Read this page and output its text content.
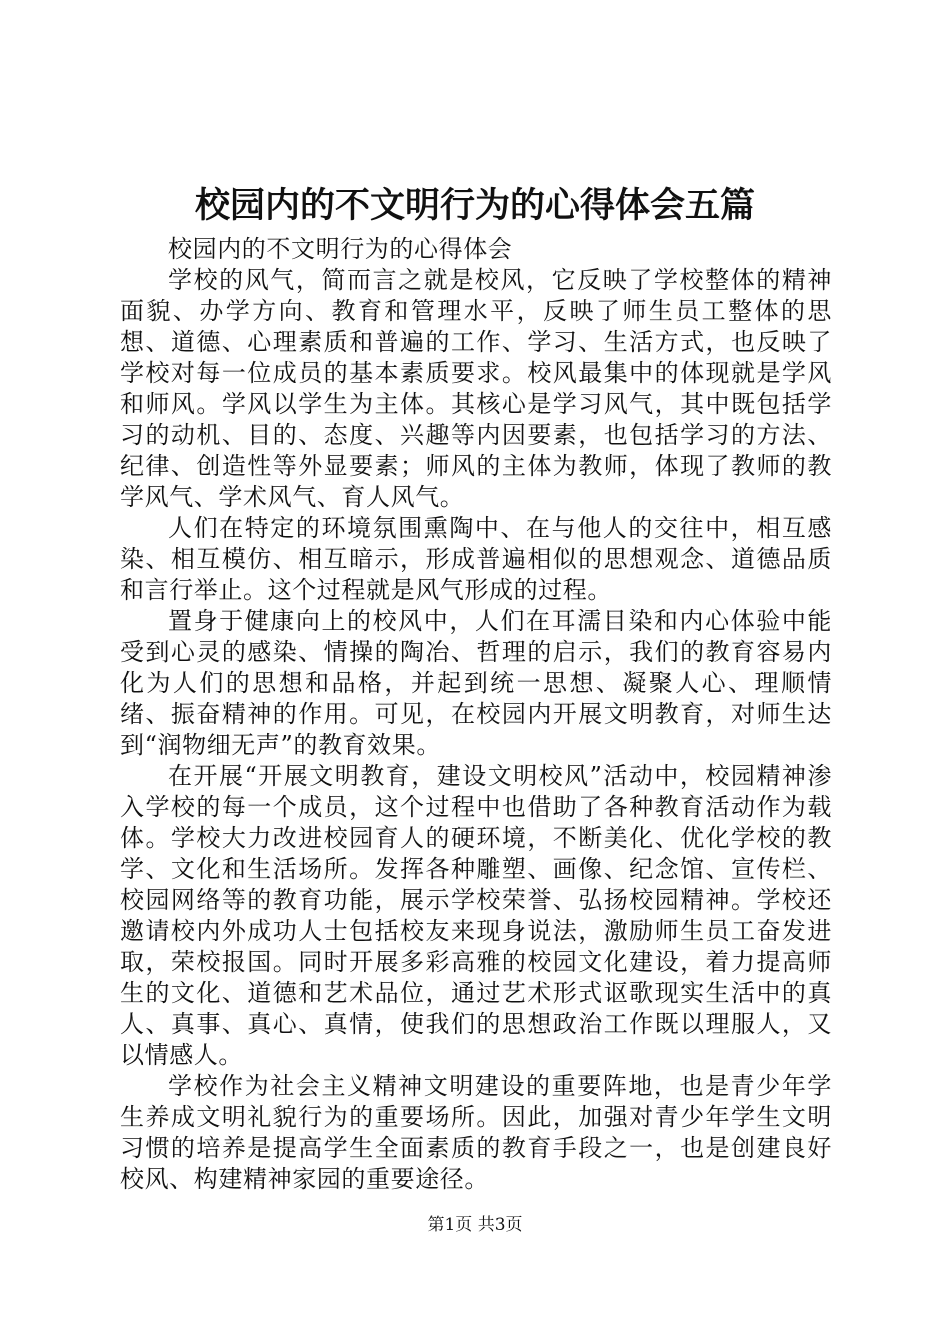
校园内的不文明行为的心得体会五篇

校园内的不文明行为的心得体会

学校的风气，简而言之就是校风，它反映了学校整体的精神面貌、办学方向、教育和管理水平，反映了师生员工整体的思想、道德、心理素质和普遍的工作、学习、生活方式，也反映了学校对每一位成员的基本素质要求。校风最集中的体现就是学风和师风。学风以学生为主体。其核心是学习风气，其中既包括学习的动机、目的、态度、兴趣等内因要素，也包括学习的方法、纪律、创造性等外显要素；师风的主体为教师，体现了教师的教学风气、学术风气、育人风气。

人们在特定的环境氛围熏陶中、在与他人的交往中，相互感染、相互模仿、相互暗示，形成普遍相似的思想观念、道德品质和言行举止。这个过程就是风气形成的过程。

置身于健康向上的校风中，人们在耳濡目染和内心体验中能受到心灵的感染、情操的陶冶、哲理的启示，我们的教育容易内化为人们的思想和品格，并起到统一思想、凝聚人心、理顺情绪、振奋精神的作用。可见，在校园内开展文明教育，对师生达到“润物细无声”的教育效果。

在开展“开展文明教育，建设文明校风”活动中，校园精神渗入学校的每一个成员，这个过程中也借助了各种教育活动作为载体。学校大力改进校园育人的硬环境，不断美化、优化学校的教学、文化和生活场所。发挥各种雕塑、画像、纪念馆、宣传栏、校园网络等的教育功能，展示学校荣誉、弘扬校园精神。学校还邀请校内外成功人士包括校友来现身说法，激励师生员工奋发进取，荣校报国。同时开展多彩高雅的校园文化建设，着力提高师生的文化、道德和艺术品位，通过艺术形式讴歌现实生活中的真人、真事、真心、真情，使我们的思想政治工作既以理服人，又以情感人。

学校作为社会主义精神文明建设的重要阵地，也是青少年学生养成文明礼貌行为的重要场所。因此，加强对青少年学生文明习惯的培养是提高学生全面素质的教育手段之一，也是创建良好校风、构建精神家园的重要途径。

第1页 共3页
